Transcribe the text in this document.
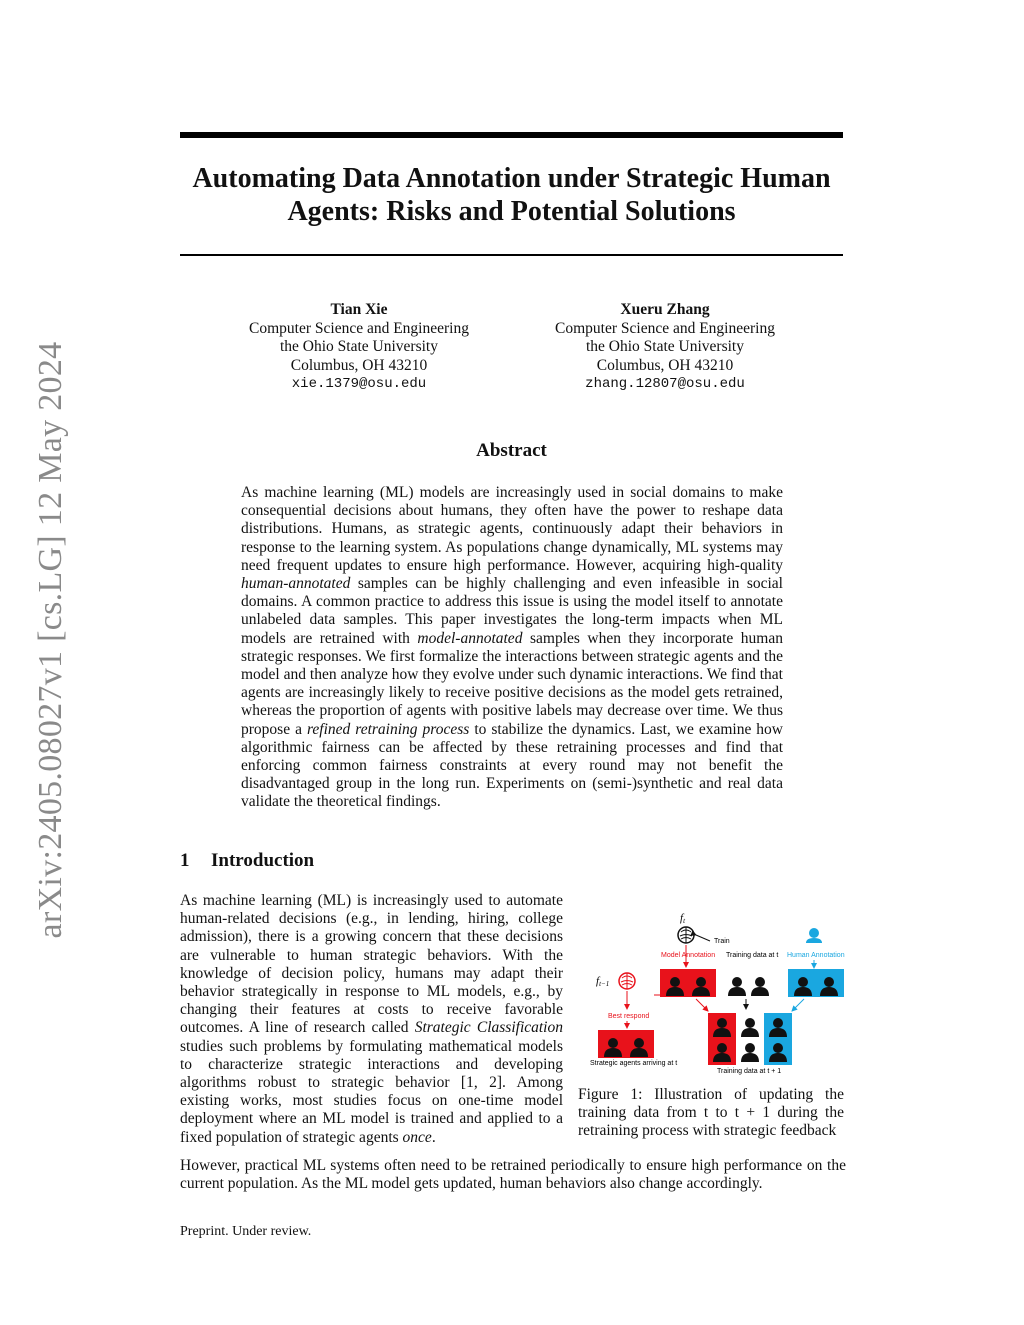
Automating Data Annotation under Strategic Human Agents: Risks and Potential Solutions
arXiv:2405.08027v1 [cs.LG] 12 May 2024
Tian Xie
Computer Science and Engineering
the Ohio State University
Columbus, OH 43210
xie.1379@osu.edu
Xueru Zhang
Computer Science and Engineering
the Ohio State University
Columbus, OH 43210
zhang.12807@osu.edu
Abstract

As machine learning (ML) models are increasingly used in social domains to make consequential decisions about humans, they often have the power to reshape data distributions. Humans, as strategic agents, continuously adapt their behaviors in response to the learning system. As populations change dynamically, ML systems may need frequent updates to ensure high performance. However, acquiring high-quality human-annotated samples can be highly challenging and even infeasible in social domains. A common practice to address this issue is using the model itself to annotate unlabeled data samples. This paper investigates the long-term impacts when ML models are retrained with model-annotated samples when they incorporate human strategic responses. We first formalize the interactions between strategic agents and the model and then analyze how they evolve under such dynamic interactions. We find that agents are increasingly likely to receive positive decisions as the model gets retrained, whereas the proportion of agents with positive labels may decrease over time. We thus propose a refined retraining process to stabilize the dynamics. Last, we examine how algorithmic fairness can be affected by these retraining processes and find that enforcing common fairness constraints at every round may not benefit the disadvantaged group in the long run. Experiments on (semi-)synthetic and real data validate the theoretical findings.

1 Introduction

As machine learning (ML) is increasingly used to automate human-related decisions (e.g., in lending, hiring, college admission), there is a growing concern that these decisions are vulnerable to human strategic behaviors. With the knowledge of decision policy, humans may adapt their behavior strategically in response to ML models, e.g., by changing their features at costs to receive favorable outcomes. A line of research called Strategic Classification studies such problems by formulating mathematical models to characterize strategic interactions and developing algorithms robust to strategic behavior [1, 2]. Among existing works, most studies focus on one-time model deployment where an ML model is trained and applied to a fixed population of strategic agents once.

ft
Train
Model Annotation Training data at t Human Annotation
ft−1
Best respond
Strategic agents arriving at t
Training data at t + 1

Figure 1: Illustration of updating the training data from t to t + 1 during the retraining process with strategic feedback

However, practical ML systems often need to be retrained periodically to ensure high performance on the current population. As the ML model gets updated, human behaviors also change accordingly.

Preprint. Under review.
